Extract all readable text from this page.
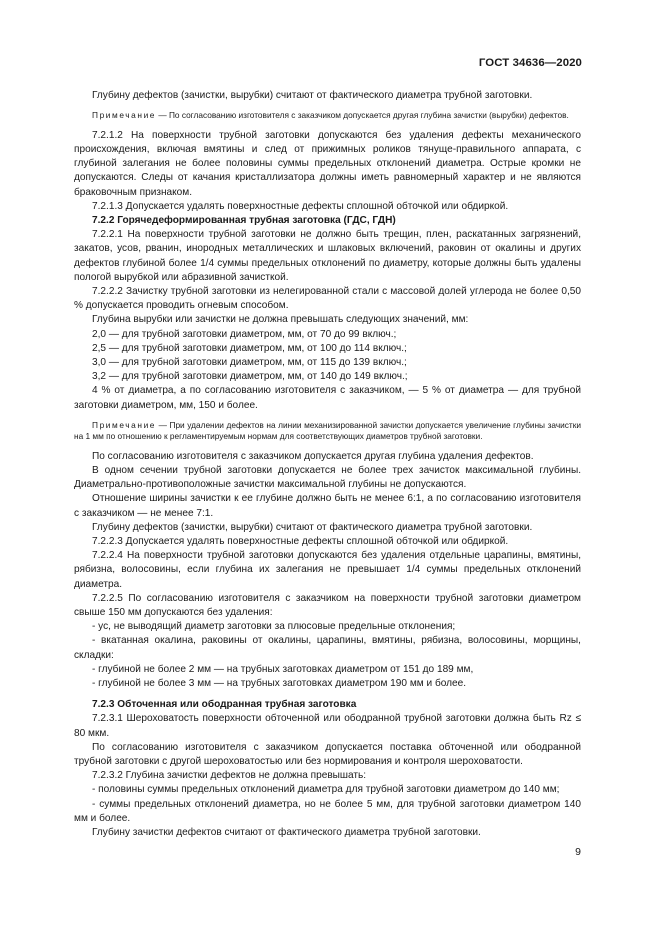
ГОСТ 34636—2020

Глубину дефектов (зачистки, вырубки) считают от фактического диаметра трубной заготовки.

Примечание — По согласованию изготовителя с заказчиком допускается другая глубина зачистки (вырубки) дефектов.

7.2.1.2 На поверхности трубной заготовки допускаются без удаления дефекты механического происхождения, включая вмятины и след от прижимных роликов тянуще-правильного аппарата, с глубиной залегания не более половины суммы предельных отклонений диаметра. Острые кромки не допускаются. Следы от качания кристаллизатора должны иметь равномерный характер и не являются браковочным признаком.

7.2.1.3 Допускается удалять поверхностные дефекты сплошной обточкой или обдиркой.

7.2.2 Горячедеформированная трубная заготовка (ГДС, ГДН)

7.2.2.1 На поверхности трубной заготовки не должно быть трещин, плен, раскатанных загрязнений, закатов, усов, рванин, инородных металлических и шлаковых включений, раковин от окалины и других дефектов глубиной более 1/4 суммы предельных отклонений по диаметру, которые должны быть удалены пологой вырубкой или абразивной зачисткой.

7.2.2.2 Зачистку трубной заготовки из нелегированной стали с массовой долей углерода не более 0,50 % допускается проводить огневым способом.

Глубина вырубки или зачистки не должна превышать следующих значений, мм:

2,0 — для трубной заготовки диаметром, мм, от 70 до 99 включ.;

2,5 — для трубной заготовки диаметром, мм, от 100 до 114 включ.;

3,0 — для трубной заготовки диаметром, мм, от 115 до 139 включ.;

3,2 — для трубной заготовки диаметром, мм, от 140 до 149 включ.;

4 % от диаметра, а по согласованию изготовителя с заказчиком, — 5 % от диаметра — для трубной заготовки диаметром, мм, 150 и более.

Примечание — При удалении дефектов на линии механизированной зачистки допускается увеличение глубины зачистки на 1 мм по отношению к регламентируемым нормам для соответствующих диаметров трубной заготовки.

По согласованию изготовителя с заказчиком допускается другая глубина удаления дефектов.

В одном сечении трубной заготовки допускается не более трех зачисток максимальной глубины. Диаметрально-противоположные зачистки максимальной глубины не допускаются.

Отношение ширины зачистки к ее глубине должно быть не менее 6:1, а по согласованию изготовителя с заказчиком — не менее 7:1.

Глубину дефектов (зачистки, вырубки) считают от фактического диаметра трубной заготовки.

7.2.2.3 Допускается удалять поверхностные дефекты сплошной обточкой или обдиркой.

7.2.2.4 На поверхности трубной заготовки допускаются без удаления отдельные царапины, вмятины, рябизна, волосовины, если глубина их залегания не превышает 1/4 суммы предельных отклонений диаметра.

7.2.2.5 По согласованию изготовителя с заказчиком на поверхности трубной заготовки диаметром свыше 150 мм допускаются без удаления:

- ус, не выводящий диаметр заготовки за плюсовые предельные отклонения;

- вкатанная окалина, раковины от окалины, царапины, вмятины, рябизна, волосовины, морщины, складки:

- глубиной не более 2 мм — на трубных заготовках диаметром от 151 до 189 мм,

- глубиной не более 3 мм — на трубных заготовках диаметром 190 мм и более.

7.2.3 Обточенная или ободранная трубная заготовка

7.2.3.1 Шероховатость поверхности обточенной или ободранной трубной заготовки должна быть Rz ≤ 80 мкм.

По согласованию изготовителя с заказчиком допускается поставка обточенной или ободранной трубной заготовки с другой шероховатостью или без нормирования и контроля шероховатости.

7.2.3.2 Глубина зачистки дефектов не должна превышать:

- половины суммы предельных отклонений диаметра для трубной заготовки диаметром до 140 мм;

- суммы предельных отклонений диаметра, но не более 5 мм, для трубной заготовки диаметром 140 мм и более.

Глубину зачистки дефектов считают от фактического диаметра трубной заготовки.

9
